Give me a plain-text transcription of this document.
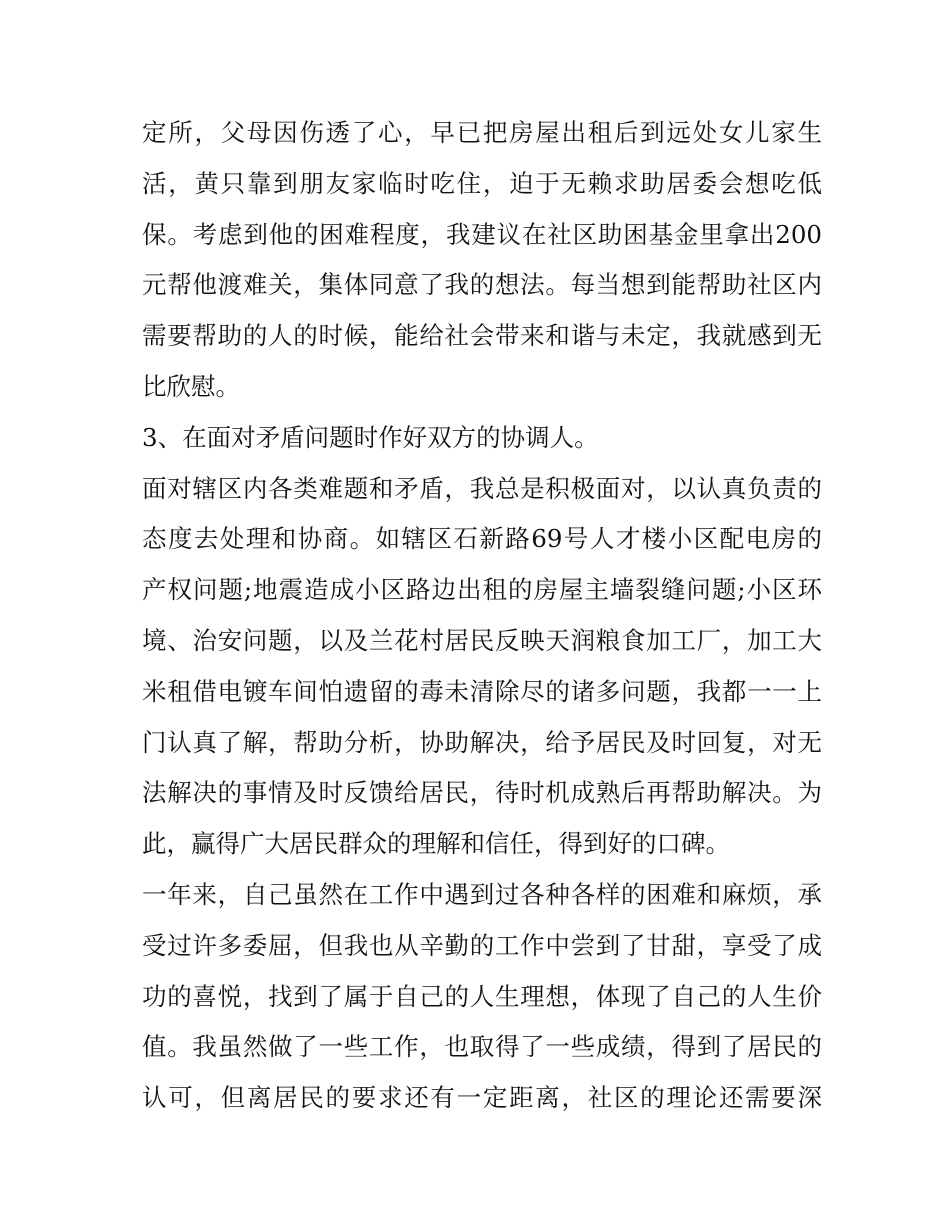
定所，父母因伤透了心，早已把房屋出租后到远处女儿家生
活，黄只靠到朋友家临时吃住，迫于无赖求助居委会想吃低
保。考虑到他的困难程度，我建议在社区助困基金里拿出200
元帮他渡难关，集体同意了我的想法。每当想到能帮助社区内
需要帮助的人的时候，能给社会带来和谐与未定，我就感到无
比欣慰。
3、在面对矛盾问题时作好双方的协调人。
面对辖区内各类难题和矛盾，我总是积极面对，以认真负责的
态度去处理和协商。如辖区石新路69号人才楼小区配电房的
产权问题;地震造成小区路边出租的房屋主墙裂缝问题;小区环
境、治安问题，以及兰花村居民反映天润粮食加工厂，加工大
米租借电镀车间怕遗留的毒未清除尽的诸多问题，我都一一上
门认真了解，帮助分析，协助解决，给予居民及时回复，对无
法解决的事情及时反馈给居民，待时机成熟后再帮助解决。为
此，赢得广大居民群众的理解和信任，得到好的口碑。
一年来，自己虽然在工作中遇到过各种各样的困难和麻烦，承
受过许多委屈，但我也从辛勤的工作中尝到了甘甜，享受了成
功的喜悦，找到了属于自己的人生理想，体现了自己的人生价
值。我虽然做了一些工作，也取得了一些成绩，得到了居民的
认可，但离居民的要求还有一定距离，社区的理论还需要深
